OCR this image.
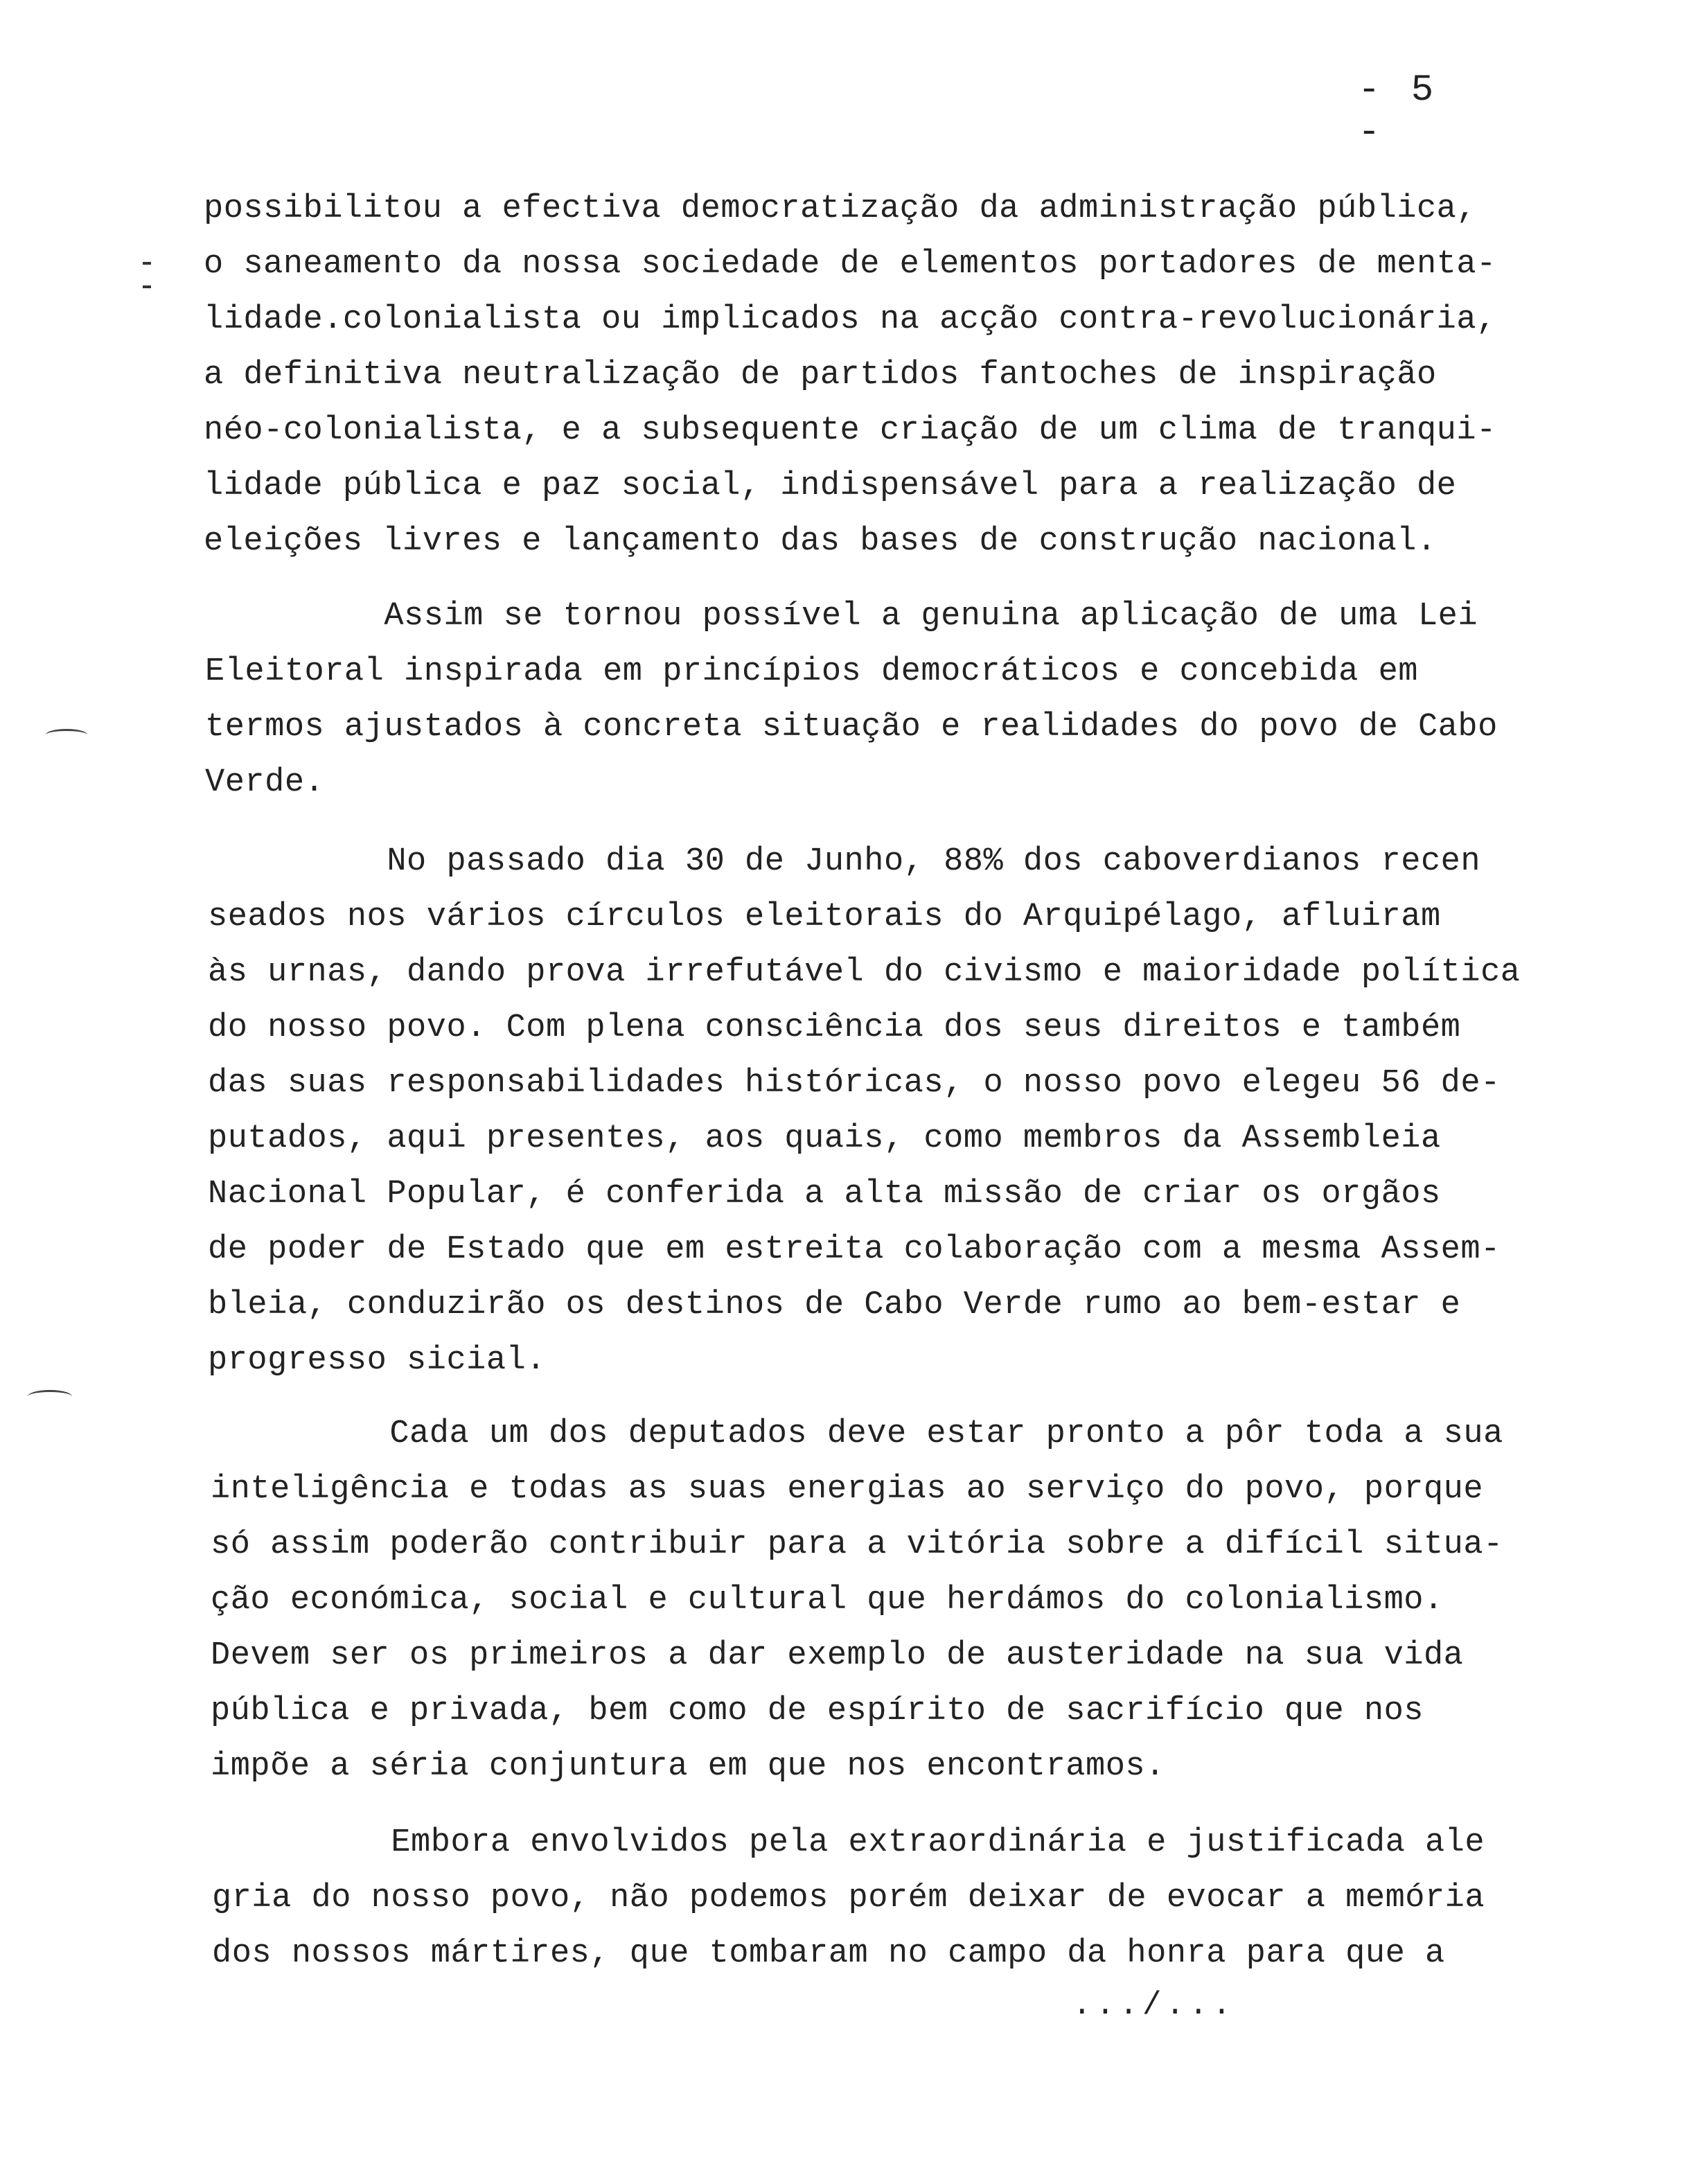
- 5 -
possibilitou a efectiva democratização da administração pública,
o saneamento da nossa sociedade de elementos portadores de menta-
lidade.colonialista ou implicados na acção contra-revolucionária,
a definitiva neutralização de partidos fantoches de inspiração
néo-colonialista, e a subsequente criação de um clima de tranqui-
lidade pública e paz social, indispensável para a realização de
eleições livres e lançamento das bases de construção nacional.
Assim se tornou possível a genuina aplicação de uma Lei
Eleitoral inspirada em princípios democráticos e concebida em
termos ajustados à concreta situação e realidades do povo de Cabo
Verde.
No passado dia 30 de Junho, 88% dos caboverdianos recen
seados nos vários círculos eleitorais do Arquipélago, afluiram
às urnas, dando prova irrefutável do civismo e maioridade política
do nosso povo. Com plena consciência dos seus direitos e também
das suas responsabilidades históricas, o nosso povo elegeu 56 de-
putados, aqui presentes, aos quais, como membros da Assembleia
Nacional Popular, é conferida a alta missão de criar os orgãos
de poder de Estado que em estreita colaboração com a mesma Assem-
bleia, conduzirão os destinos de Cabo Verde rumo ao bem-estar e
progresso sicial.
Cada um dos deputados deve estar pronto a pôr toda a sua
inteligência e todas as suas energias ao serviço do povo, porque
só assim poderão contribuir para a vitória sobre a difícil situa-
ção económica, social e cultural que herdámos do colonialismo.
Devem ser os primeiros a dar exemplo de austeridade na sua vida
pública e privada, bem como de espírito de sacrifício que nos
impõe a séria conjuntura em que nos encontramos.
Embora envolvidos pela extraordinária e justificada ale
gria do nosso povo, não podemos porém deixar de evocar a memória
dos nossos mártires, que tombaram no campo da honra para que a
.../...
